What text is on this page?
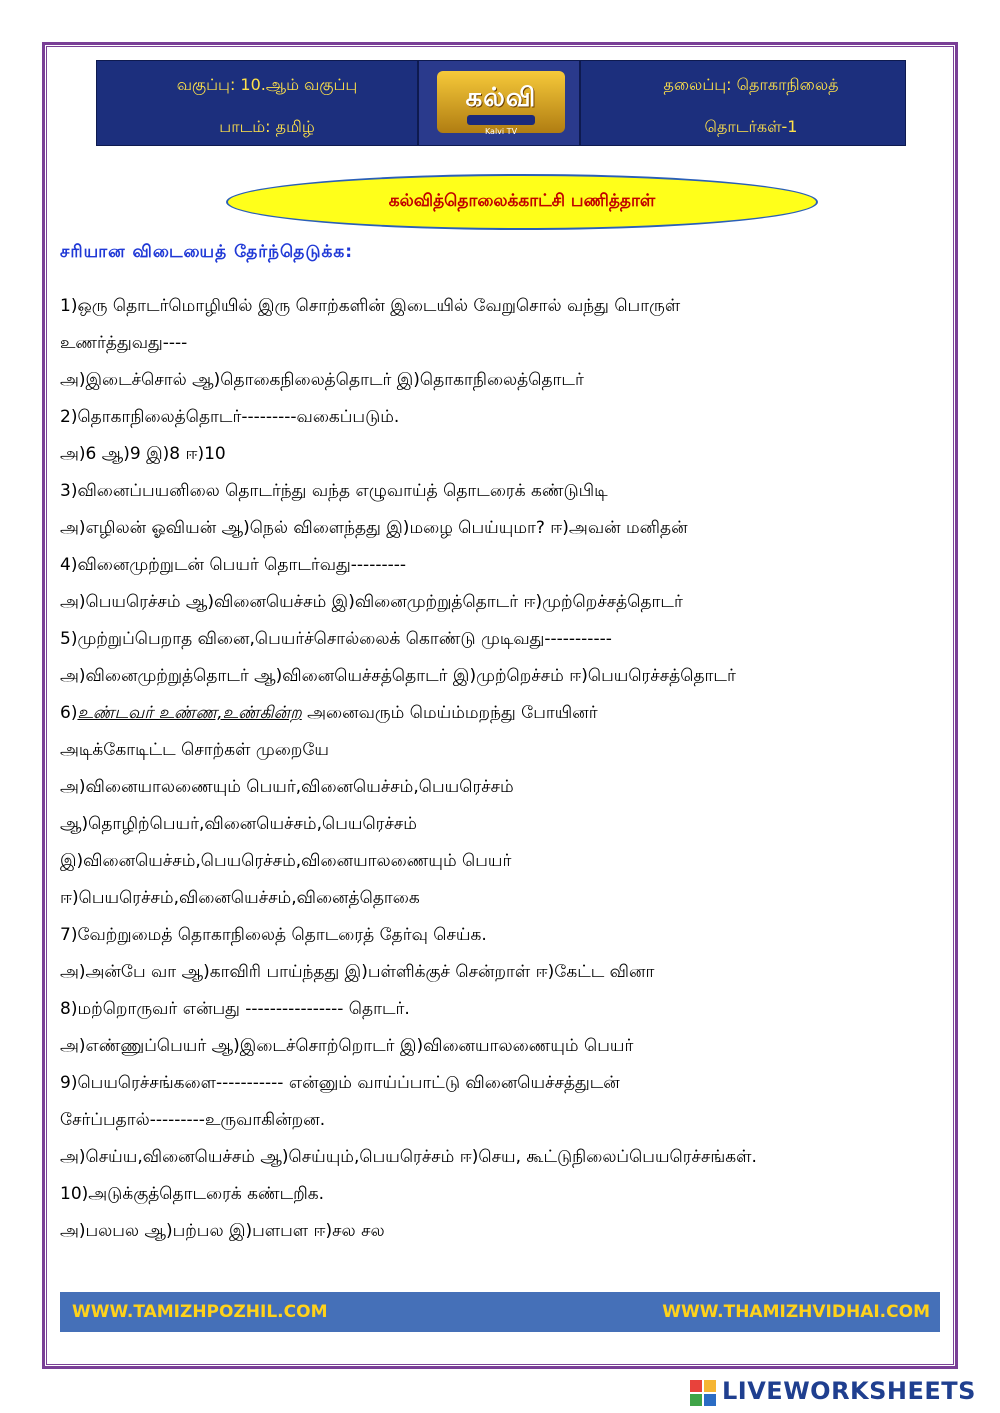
வகுப்பு: 10.ஆம் வகுப்பு
பாடம்: தமிழ்
கல்வி
Kalvi TV
தலைப்பு: தொகாநிலைத்
தொடர்கள்-1
கல்வித்தொலைக்காட்சி பணித்தாள்
சரியான விடையைத் தேர்ந்தெடுக்க:
1)ஒரு தொடர்மொழியில் இரு சொற்களின் இடையில் வேறுசொல் வந்து பொருள்
உணர்த்துவது----
அ)இடைச்சொல் ஆ)தொகைநிலைத்தொடர் இ)தொகாநிலைத்தொடர்
2)தொகாநிலைத்தொடர்---------வகைப்படும்.
அ)6 ஆ)9 இ)8 ஈ)10
3)வினைப்பயனிலை தொடர்ந்து வந்த எழுவாய்த் தொடரைக் கண்டுபிடி
அ)எழிலன் ஓவியன் ஆ)நெல் விளைந்தது இ)மழை பெய்யுமா? ஈ)அவன் மனிதன்
4)வினைமுற்றுடன் பெயர் தொடர்வது---------
அ)பெயரெச்சம் ஆ)வினையெச்சம் இ)வினைமுற்றுத்தொடர் ஈ)முற்றெச்சத்தொடர்
5)முற்றுப்பெறாத வினை,பெயர்ச்சொல்லைக் கொண்டு முடிவது-----------
அ)வினைமுற்றுத்தொடர் ஆ)வினையெச்சத்தொடர் இ)முற்றெச்சம் ஈ)பெயரெச்சத்தொடர்
6)உண்டவர் உண்ண,உண்கின்ற அனைவரும் மெய்ம்மறந்து போயினர்
அடிக்கோடிட்ட சொற்கள் முறையே
அ)வினையாலணையும் பெயர்,வினையெச்சம்,பெயரெச்சம்
ஆ)தொழிற்பெயர்,வினையெச்சம்,பெயரெச்சம்
இ)வினையெச்சம்,பெயரெச்சம்,வினையாலணையும் பெயர்
ஈ)பெயரெச்சம்,வினையெச்சம்,வினைத்தொகை
7)வேற்றுமைத் தொகாநிலைத் தொடரைத் தேர்வு செய்க.
அ)அன்பே வா ஆ)காவிரி பாய்ந்தது இ)பள்ளிக்குச் சென்றாள் ஈ)கேட்ட வினா
8)மற்றொருவர் என்பது ---------------- தொடர்.
அ)எண்ணுப்பெயர் ஆ)இடைச்சொற்றொடர் இ)வினையாலணையும் பெயர்
9)பெயரெச்சங்களை----------- என்னும் வாய்ப்பாட்டு வினையெச்சத்துடன்
சேர்ப்பதால்---------உருவாகின்றன.
அ)செய்ய,வினையெச்சம் ஆ)செய்யும்,பெயரெச்சம் ஈ)செய, கூட்டுநிலைப்பெயரெச்சங்கள்.
10)அடுக்குத்தொடரைக் கண்டறிக.
அ)பலபல ஆ)பற்பல இ)பளபள ஈ)சல சல
WWW.TAMIZHPOZHIL.COM	WWW.THAMIZHVIDHAI.COM
LIVEWORKSHEETS
